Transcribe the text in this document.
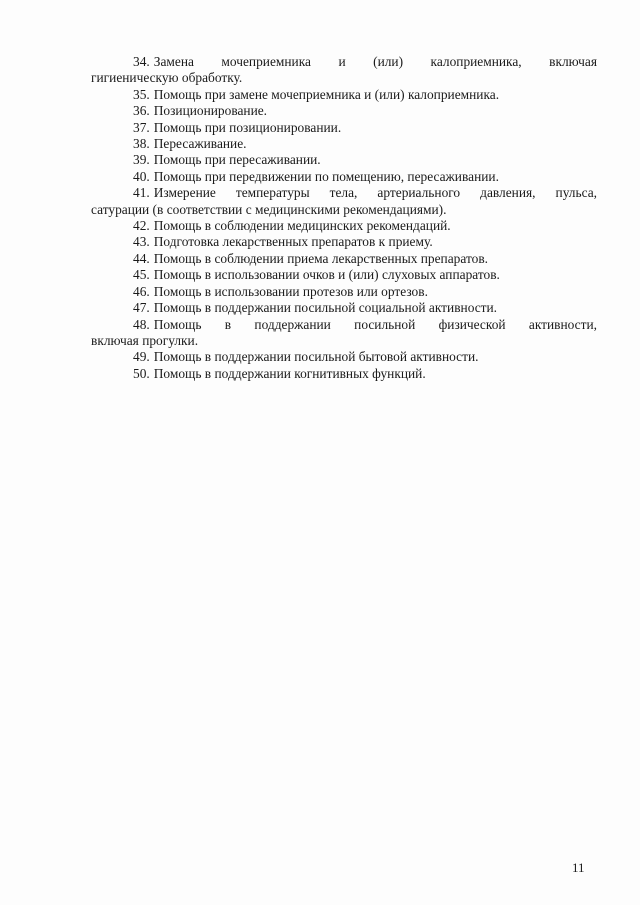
34. Замена мочеприемника и (или) калоприемника, включая

гигиеническую обработку.

35. Помощь при замене мочеприемника и (или) калоприемника.

36. Позиционирование.

37. Помощь при позиционировании.

38. Пересаживание.

39. Помощь при пересаживании.

40. Помощь при передвижении по помещению, пересаживании.

41. Измерение температуры тела, артериального давления, пульса,

сатурации (в соответствии с медицинскими рекомендациями).

42. Помощь в соблюдении медицинских рекомендаций.

43. Подготовка лекарственных препаратов к приему.

44. Помощь в соблюдении приема лекарственных препаратов.

45. Помощь в использовании очков и (или) слуховых аппаратов.

46. Помощь в использовании протезов или ортезов.

47. Помощь в поддержании посильной социальной активности.

48. Помощь в поддержании посильной физической активности,

включая прогулки.

49. Помощь в поддержании посильной бытовой активности.

50. Помощь в поддержании когнитивных функций.

11
